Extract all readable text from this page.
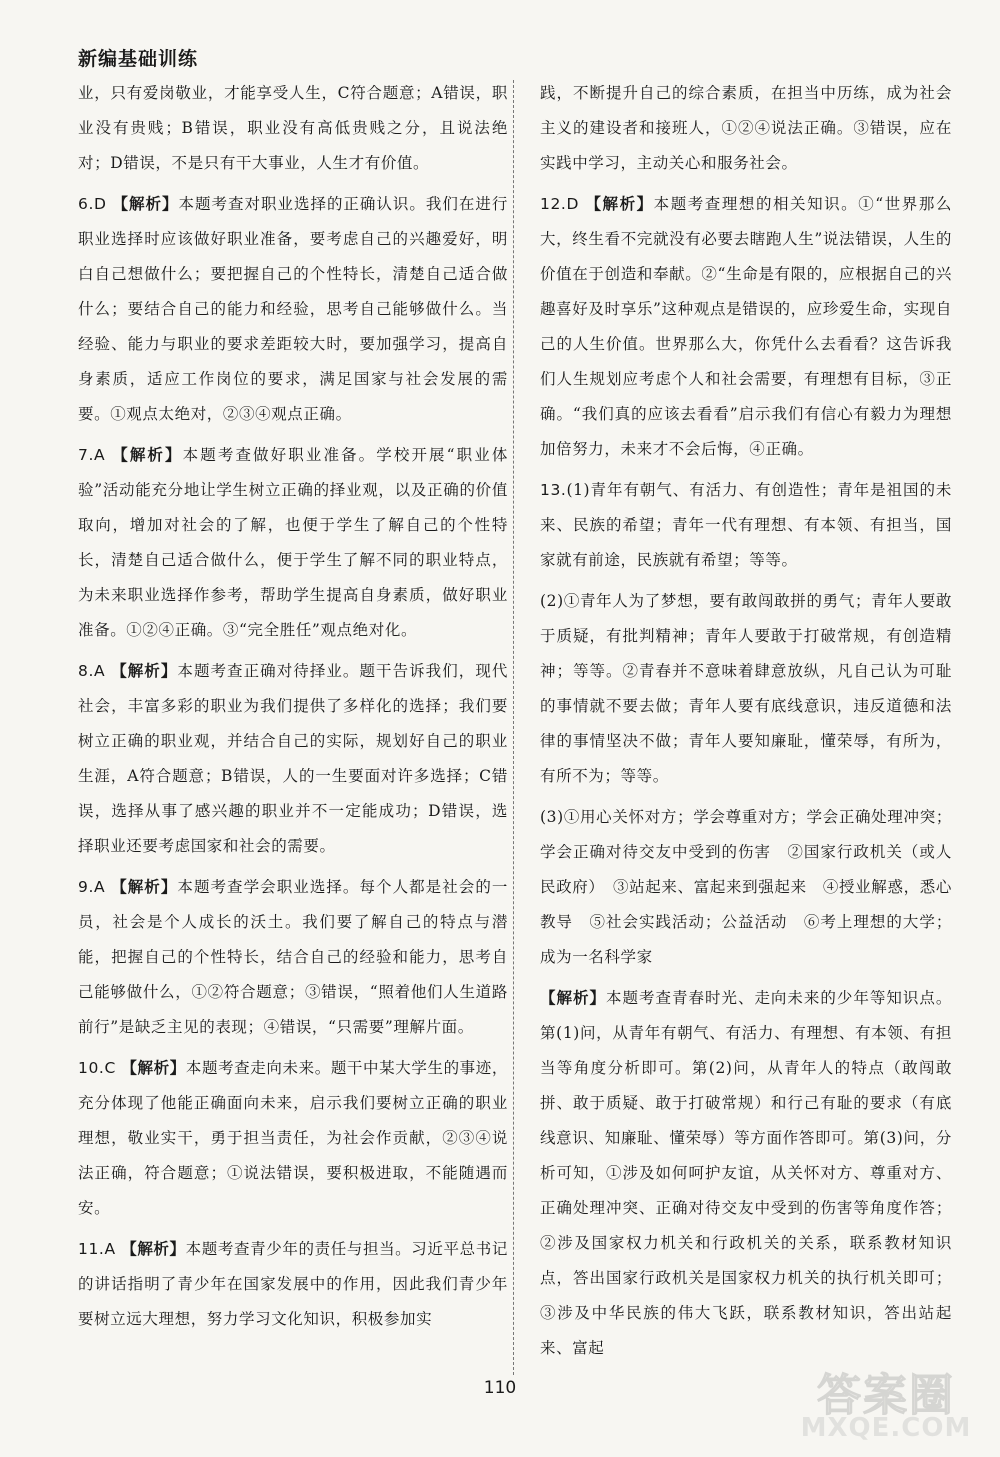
新编基础训练

业，只有爱岗敬业，才能享受人生，C符合题意；A错误，职业没有贵贱；B错误，职业没有高低贵贱之分，且说法绝对；D错误，不是只有干大事业，人生才有价值。

6.D 【解析】本题考查对职业选择的正确认识。我们在进行职业选择时应该做好职业准备，要考虑自己的兴趣爱好，明白自己想做什么；要把握自己的个性特长，清楚自己适合做什么；要结合自己的能力和经验，思考自己能够做什么。当经验、能力与职业的要求差距较大时，要加强学习，提高自身素质，适应工作岗位的要求，满足国家与社会发展的需要。①观点太绝对，②③④观点正确。

7.A 【解析】本题考查做好职业准备。学校开展“职业体验”活动能充分地让学生树立正确的择业观，以及正确的价值取向，增加对社会的了解，也便于学生了解自己的个性特长，清楚自己适合做什么，便于学生了解不同的职业特点，为未来职业选择作参考，帮助学生提高自身素质，做好职业准备。①②④正确。③“完全胜任”观点绝对化。

8.A 【解析】本题考查正确对待择业。题干告诉我们，现代社会，丰富多彩的职业为我们提供了多样化的选择；我们要树立正确的职业观，并结合自己的实际，规划好自己的职业生涯，A符合题意；B错误，人的一生要面对许多选择；C错误，选择从事了感兴趣的职业并不一定能成功；D错误，选择职业还要考虑国家和社会的需要。

9.A 【解析】本题考查学会职业选择。每个人都是社会的一员，社会是个人成长的沃土。我们要了解自己的特点与潜能，把握自己的个性特长，结合自己的经验和能力，思考自己能够做什么，①②符合题意；③错误，“照着他们人生道路前行”是缺乏主见的表现；④错误，“只需要”理解片面。

10.C 【解析】本题考查走向未来。题干中某大学生的事迹，充分体现了他能正确面向未来，启示我们要树立正确的职业理想，敬业实干，勇于担当责任，为社会作贡献，②③④说法正确，符合题意；①说法错误，要积极进取，不能随遇而安。

11.A 【解析】本题考查青少年的责任与担当。习近平总书记的讲话指明了青少年在国家发展中的作用，因此我们青少年要树立远大理想，努力学习文化知识，积极参加实

践，不断提升自己的综合素质，在担当中历练，成为社会主义的建设者和接班人，①②④说法正确。③错误，应在实践中学习，主动关心和服务社会。

12.D 【解析】本题考查理想的相关知识。①“世界那么大，终生看不完就没有必要去瞎跑人生”说法错误，人生的价值在于创造和奉献。②“生命是有限的，应根据自己的兴趣喜好及时享乐”这种观点是错误的，应珍爱生命，实现自己的人生价值。世界那么大，你凭什么去看看？这告诉我们人生规划应考虑个人和社会需要，有理想有目标，③正确。“我们真的应该去看看”启示我们有信心有毅力为理想加倍努力，未来才不会后悔，④正确。

13.(1)青年有朝气、有活力、有创造性；青年是祖国的未来、民族的希望；青年一代有理想、有本领、有担当，国家就有前途，民族就有希望；等等。

(2)①青年人为了梦想，要有敢闯敢拼的勇气；青年人要敢于质疑，有批判精神；青年人要敢于打破常规，有创造精神；等等。②青春并不意味着肆意放纵，凡自己认为可耻的事情就不要去做；青年人要有底线意识，违反道德和法律的事情坚决不做；青年人要知廉耻，懂荣辱，有所为，有所不为；等等。

(3)①用心关怀对方；学会尊重对方；学会正确处理冲突；学会正确对待交友中受到的伤害　②国家行政机关（或人民政府）　③站起来、富起来到强起来　④授业解惑，悉心教导　⑤社会实践活动；公益活动　⑥考上理想的大学；成为一名科学家

【解析】本题考查青春时光、走向未来的少年等知识点。第(1)问，从青年有朝气、有活力、有理想、有本领、有担当等角度分析即可。第(2)问，从青年人的特点（敢闯敢拼、敢于质疑、敢于打破常规）和行己有耻的要求（有底线意识、知廉耻、懂荣辱）等方面作答即可。第(3)问，分析可知，①涉及如何呵护友谊，从关怀对方、尊重对方、正确处理冲突、正确对待交友中受到的伤害等角度作答；②涉及国家权力机关和行政机关的关系，联系教材知识点，答出国家行政机关是国家权力机关的执行机关即可；③涉及中华民族的伟大飞跃，联系教材知识，答出站起来、富起

110	答案圈
MXQE.COM
